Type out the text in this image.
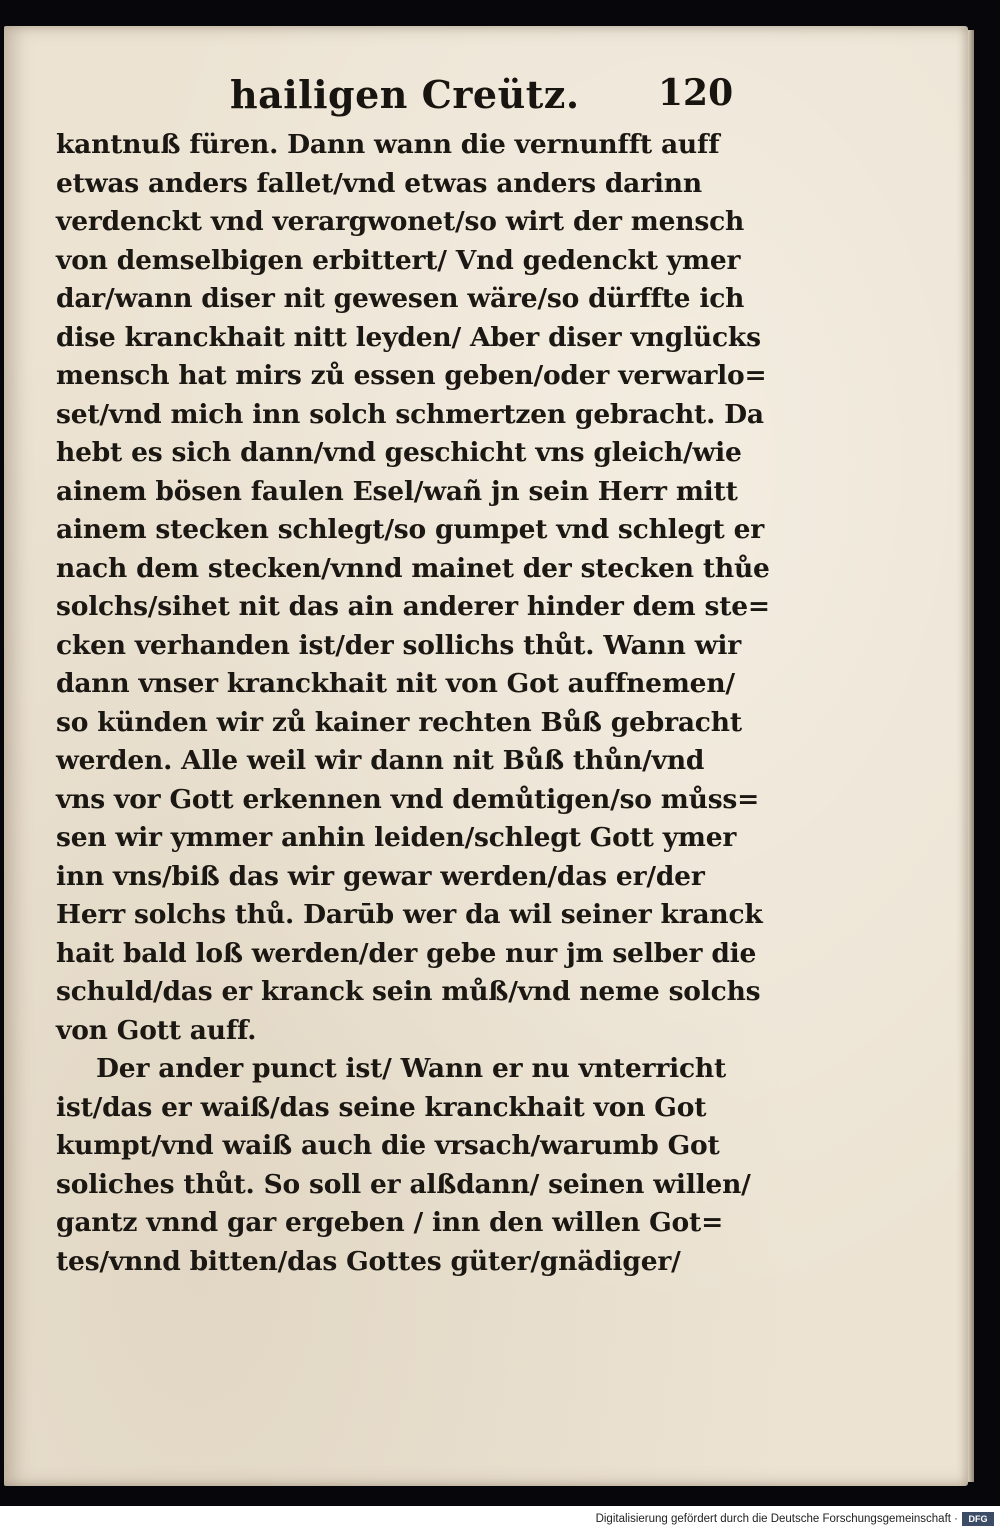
hailigen Creütz. 120
kantnuß füren. Dann wann die vernunfft auff
etwas anders fallet/vnd etwas anders darinn
verdenckt vnd verargwonet/so wirt der mensch
von demselbigen erbittert/ Vnd gedenckt ymer
dar/wann diser nit gewesen wäre/so dürffte ich
dise kranckhait nitt leyden/ Aber diser vnglücks
mensch hat mirs zů essen geben/oder verwarlo=
set/vnd mich inn solch schmertzen gebracht. Da
hebt es sich dann/vnd geschicht vns gleich/wie
ainem bösen faulen Esel/wañ jn sein Herr mitt
ainem stecken schlegt/so gumpet vnd schlegt er
nach dem stecken/vnnd mainet der stecken thůe
solchs/sihet nit das ain anderer hinder dem ste=
cken verhanden ist/der sollichs thůt. Wann wir
dann vnser kranckhait nit von Got auffnemen/
so künden wir zů kainer rechten Bůß gebracht
werden. Alle weil wir dann nit Bůß thůn/vnd
vns vor Gott erkennen vnd demůtigen/so můss=
sen wir ymmer anhin leiden/schlegt Gott ymer
inn vns/biß das wir gewar werden/das er/der
Herr solchs thů. Darūb wer da wil seiner kranck
hait bald loß werden/der gebe nur jm selber die
schuld/das er kranck sein můß/vnd neme solchs
von Gott auff.
Der ander punct ist/ Wann er nu vnterricht
ist/das er waiß/das seine kranckhait von Got
kumpt/vnd waiß auch die vrsach/warumb Got
soliches thůt. So soll er alßdann/ seinen willen/
gantz vnnd gar ergeben / inn den willen Got=
tes/vnnd bitten/das Gottes güter/gnädiger/
Digitalisierung gefördert durch die Deutsche Forschungsgemeinschaft ·	DFG
